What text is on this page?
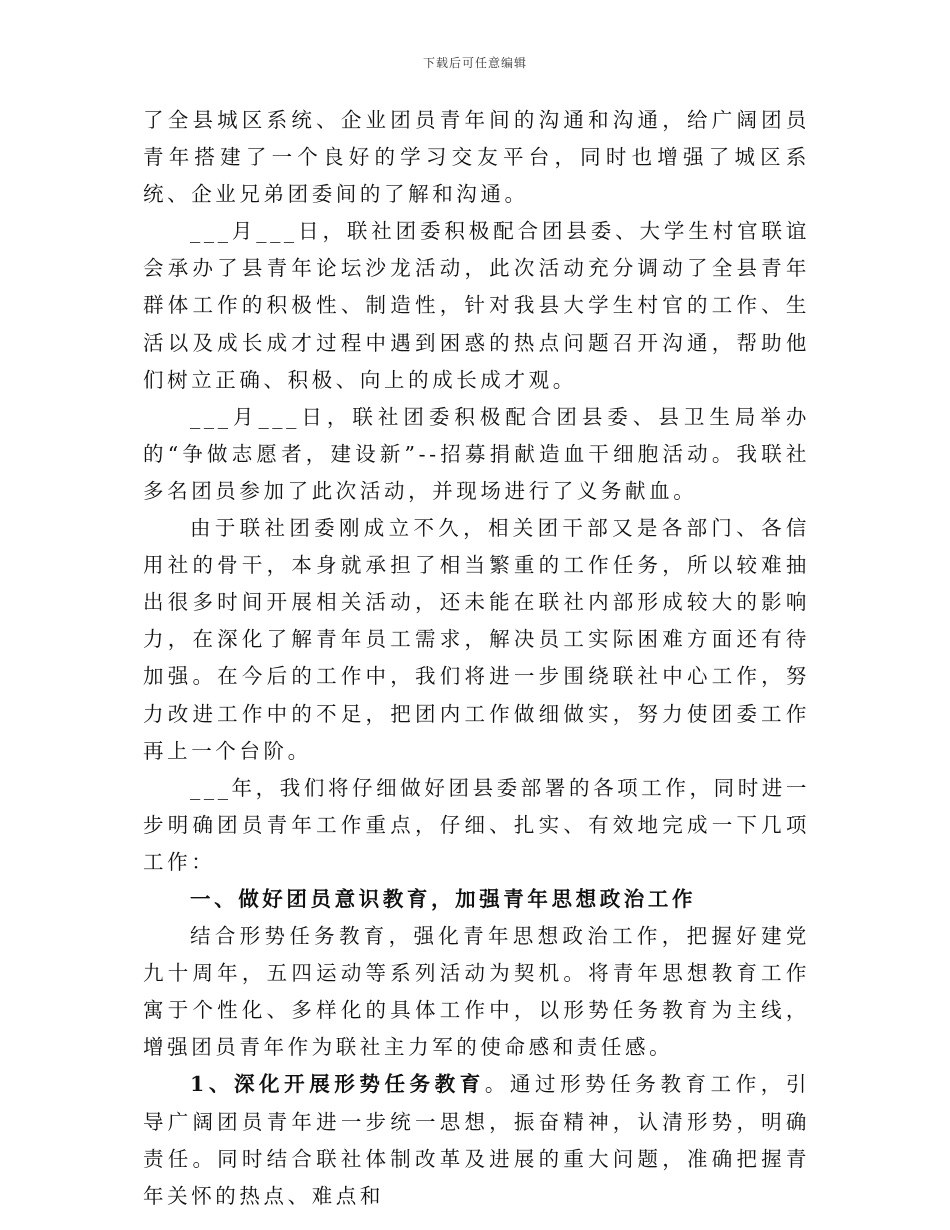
下载后可任意编辑

了全县城区系统、企业团员青年间的沟通和沟通，给广阔团员青年搭建了一个良好的学习交友平台，同时也增强了城区系统、企业兄弟团委间的了解和沟通。

___月___日，联社团委积极配合团县委、大学生村官联谊会承办了县青年论坛沙龙活动，此次活动充分调动了全县青年群体工作的积极性、制造性，针对我县大学生村官的工作、生活以及成长成才过程中遇到困惑的热点问题召开沟通，帮助他们树立正确、积极、向上的成长成才观。

___月___日，联社团委积极配合团县委、县卫生局举办的“争做志愿者，建设新”--招募捐献造血干细胞活动。我联社多名团员参加了此次活动，并现场进行了义务献血。

由于联社团委刚成立不久，相关团干部又是各部门、各信用社的骨干，本身就承担了相当繁重的工作任务，所以较难抽出很多时间开展相关活动，还未能在联社内部形成较大的影响力，在深化了解青年员工需求，解决员工实际困难方面还有待加强。在今后的工作中，我们将进一步围绕联社中心工作，努力改进工作中的不足，把团内工作做细做实，努力使团委工作再上一个台阶。

___年，我们将仔细做好团县委部署的各项工作，同时进一步明确团员青年工作重点，仔细、扎实、有效地完成一下几项工作：

一、做好团员意识教育，加强青年思想政治工作

结合形势任务教育，强化青年思想政治工作，把握好建党九十周年，五四运动等系列活动为契机。将青年思想教育工作寓于个性化、多样化的具体工作中，以形势任务教育为主线，增强团员青年作为联社主力军的使命感和责任感。

1、深化开展形势任务教育。通过形势任务教育工作，引导广阔团员青年进一步统一思想，振奋精神，认清形势，明确责任。同时结合联社体制改革及进展的重大问题，准确把握青年关怀的热点、难点和
